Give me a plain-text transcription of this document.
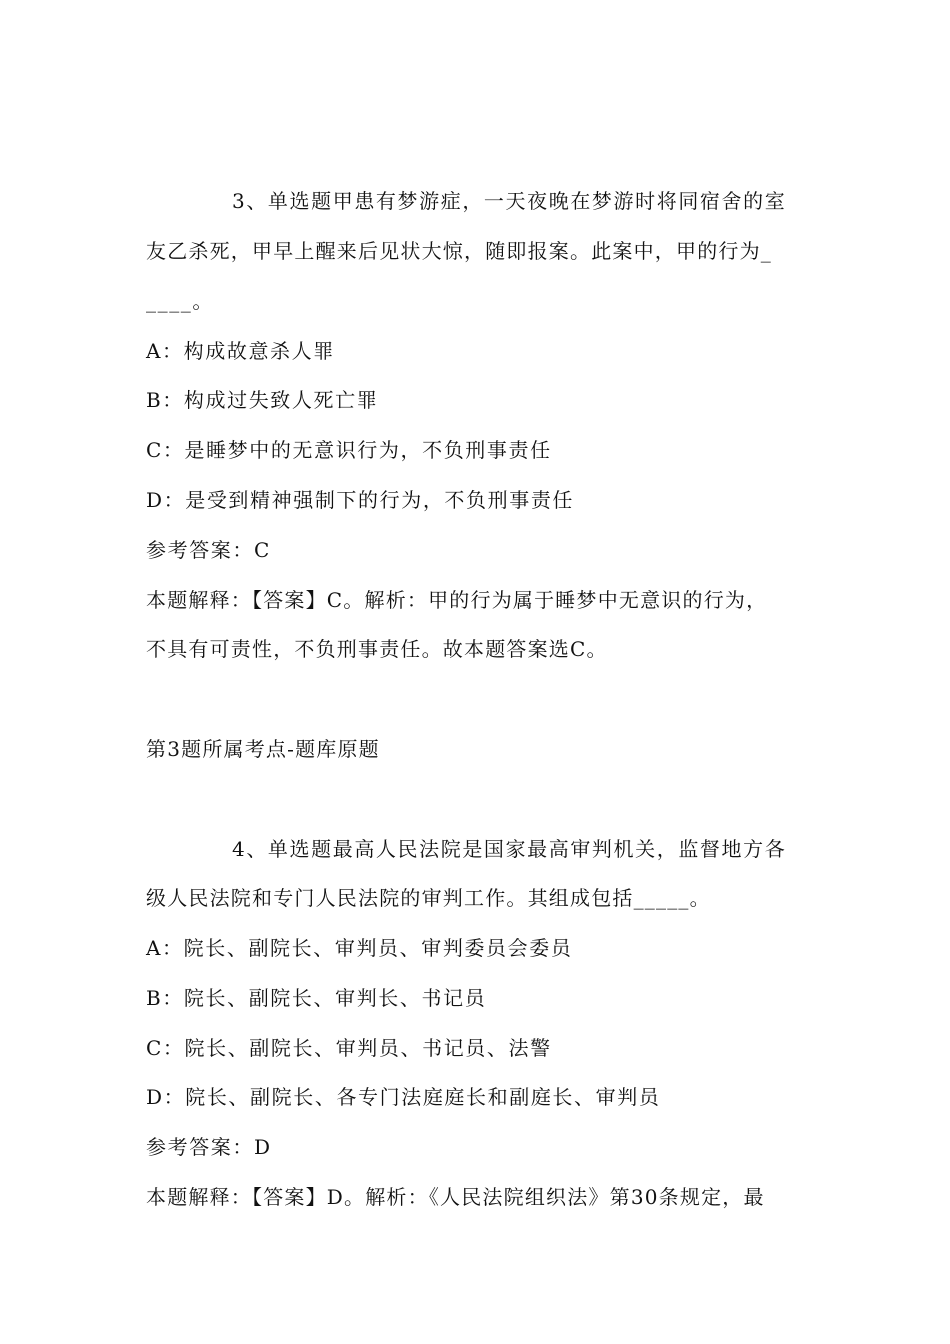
3、单选题甲患有梦游症，一天夜晚在梦游时将同宿舍的室
友乙杀死，甲早上醒来后见状大惊，随即报案。此案中，甲的行为_
____。
A：构成故意杀人罪
B：构成过失致人死亡罪
C：是睡梦中的无意识行为，不负刑事责任
D：是受到精神强制下的行为，不负刑事责任
参考答案：C
本题解释：【答案】C。解析：甲的行为属于睡梦中无意识的行为，
不具有可责性，不负刑事责任。故本题答案选C。
第3题所属考点-题库原题
4、单选题最高人民法院是国家最高审判机关，监督地方各
级人民法院和专门人民法院的审判工作。其组成包括_____。
A：院长、副院长、审判员、审判委员会委员
B：院长、副院长、审判长、书记员
C：院长、副院长、审判员、书记员、法警
D：院长、副院长、各专门法庭庭长和副庭长、审判员
参考答案：D
本题解释：【答案】D。解析：《人民法院组织法》第30条规定，最
